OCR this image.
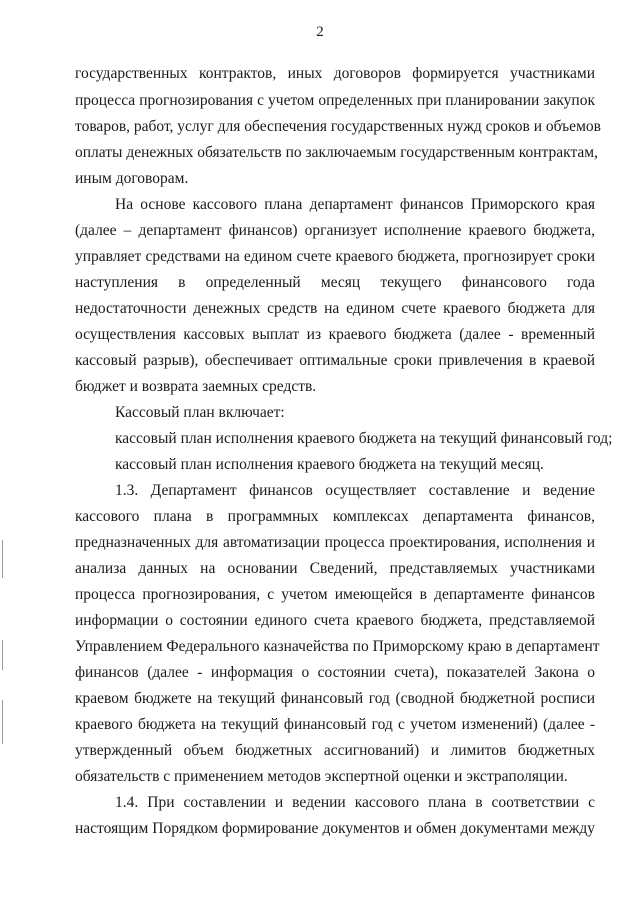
2
государственных контрактов, иных договоров формируется участниками
процесса прогнозирования с учетом определенных при планировании закупок
товаров, работ, услуг для обеспечения государственных нужд сроков и объемов
оплаты денежных обязательств по заключаемым государственным контрактам,
иным договорам.
На основе кассового плана департамент финансов Приморского края
(далее – департамент финансов) организует исполнение краевого бюджета,
управляет средствами на едином счете краевого бюджета, прогнозирует сроки
наступления в определенный месяц текущего финансового года
недостаточности денежных средств на едином счете краевого бюджета для
осуществления кассовых выплат из краевого бюджета (далее - временный
кассовый разрыв), обеспечивает оптимальные сроки привлечения в краевой
бюджет и возврата заемных средств.
Кассовый план включает:
кассовый план исполнения краевого бюджета на текущий финансовый год;
кассовый план исполнения краевого бюджета на текущий месяц.
1.3. Департамент финансов осуществляет составление и ведение
кассового плана в программных комплексах департамента финансов,
предназначенных для автоматизации процесса проектирования, исполнения и
анализа данных на основании Сведений, представляемых участниками
процесса прогнозирования, с учетом имеющейся в департаменте финансов
информации о состоянии единого счета краевого бюджета, представляемой
Управлением Федерального казначейства по Приморскому краю в департамент
финансов (далее - информация о состоянии счета), показателей Закона о
краевом бюджете на текущий финансовый год (сводной бюджетной росписи
краевого бюджета на текущий финансовый год с учетом изменений) (далее -
утвержденный объем бюджетных ассигнований) и лимитов бюджетных
обязательств с применением методов экспертной оценки и экстраполяции.
1.4. При составлении и ведении кассового плана в соответствии с
настоящим Порядком формирование документов и обмен документами между
